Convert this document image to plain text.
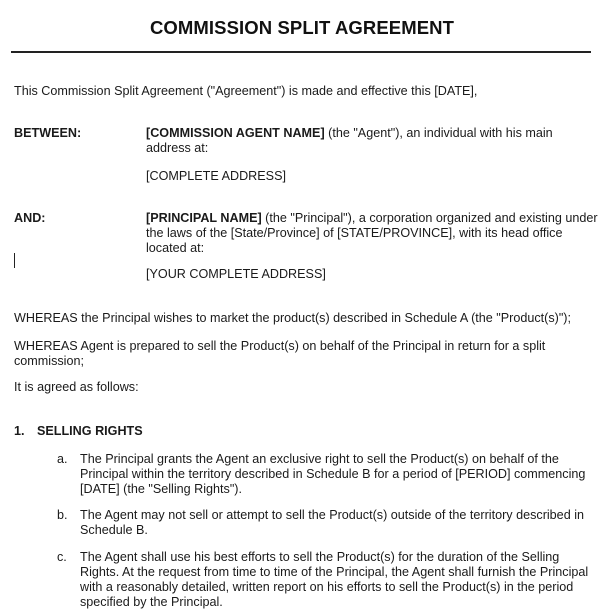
COMMISSION SPLIT AGREEMENT

This Commission Split Agreement ("Agreement") is made and effective this [DATE],

BETWEEN:	[COMMISSION AGENT NAME] (the "Agent"), an individual with his main
address at:
[COMPLETE ADDRESS]
AND:	[PRINCIPAL NAME] (the "Principal"), a corporation organized and existing under
the laws of the [State/Province] of [STATE/PROVINCE], with its head office
located at:
[YOUR COMPLETE ADDRESS]

WHEREAS the Principal wishes to market the product(s) described in Schedule A (the "Product(s)");

WHEREAS Agent is prepared to sell the Product(s) on behalf of the Principal in return for a split

commission;

It is agreed as follows:

1. SELLING RIGHTS
a. The Principal grants the Agent an exclusive right to sell the Product(s) on behalf of the
Principal within the territory described in Schedule B for a period of [PERIOD] commencing
[DATE] (the "Selling Rights").
b. The Agent may not sell or attempt to sell the Product(s) outside of the territory described in
Schedule B.
c.	The Agent shall use his best efforts to sell the Product(s) for the duration of the Selling
Rights. At the request from time to time of the Principal, the Agent shall furnish the Principal
with a reasonably detailed, written report on his efforts to sell the Product(s) in the period
specified by the Principal.
